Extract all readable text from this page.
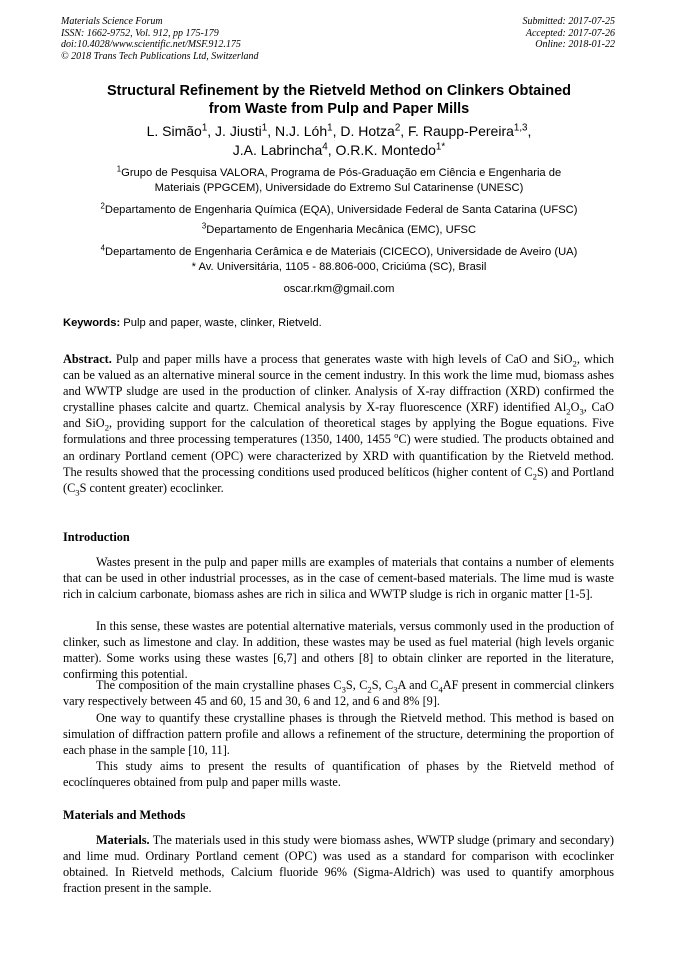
Materials Science Forum
ISSN: 1662-9752, Vol. 912, pp 175-179
doi:10.4028/www.scientific.net/MSF.912.175
© 2018 Trans Tech Publications Ltd, Switzerland
Submitted: 2017-07-25
Accepted: 2017-07-26
Online: 2018-01-22
Structural Refinement by the Rietveld Method on Clinkers Obtained
from Waste from Pulp and Paper Mills
L. Simão$^1$, J. Jiusti$^1$, N.J. Lóh$^1$, D. Hotza$^2$, F. Raupp-Pereira$^{1,3}$,
J.A. Labrincha$^4$, O.R.K. Montedo$^{1*}$
$^1$Grupo de Pesquisa VALORA, Programa de Pós-Graduação em Ciência e Engenharia de
Materiais (PPGCEM), Universidade do Extremo Sul Catarinense (UNESC)
$^2$Departamento de Engenharia Química (EQA), Universidade Federal de Santa Catarina (UFSC)
$^3$Departamento de Engenharia Mecânica (EMC), UFSC
$^4$Departamento de Engenharia Cerâmica e de Materiais (CICECO), Universidade de Aveiro (UA)
* Av. Universitária, 1105 - 88.806-000, Criciúma (SC), Brasil
oscar.rkm@gmail.com
Keywords: Pulp and paper, waste, clinker, Rietveld.

Abstract. Pulp and paper mills have a process that generates waste with high levels of CaO and SiO$_2$, which can be valued as an alternative mineral source in the cement industry. In this work the lime mud, biomass ashes and WWTP sludge are used in the production of clinker. Analysis of X-ray diffraction (XRD) confirmed the crystalline phases calcite and quartz. Chemical analysis by X-ray fluorescence (XRF) identified $Al_2O_3$, CaO and SiO$_2$, providing support for the calculation of theoretical stages by applying the Bogue equations. Five formulations and three processing temperatures (1350, 1400, 1455 $^o$C) were studied. The products obtained and an ordinary Portland cement (OPC) were characterized by XRD with quantification by the Rietveld method. The results showed that the processing conditions used produced belíticos (higher content of $C_2S$) and Portland ($C_3S$ content greater) ecoclinker.

Introduction

Wastes present in the pulp and paper mills are examples of materials that contains a number of elements that can be used in other industrial processes, as in the case of cement-based materials. The lime mud is waste rich in calcium carbonate, biomass ashes are rich in silica and WWTP sludge is rich in organic matter [1-5].

In this sense, these wastes are potential alternative materials, versus commonly used in the production of clinker, such as limestone and clay. In addition, these wastes may be used as fuel material (high levels organic matter). Some works using these wastes [6,7] and others [8] to obtain clinker are reported in the literature, confirming this potential.

The composition of the main crystalline phases $C_3S$, $C_2S$, $C_3A$ and $C_4AF$ present in commercial clinkers vary respectively between 45 and 60, 15 and 30, 6 and 12, and 6 and 8% [9].

One way to quantify these crystalline phases is through the Rietveld method. This method is based on simulation of diffraction pattern profile and allows a refinement of the structure, determining the proportion of each phase in the sample [10, 11].

This study aims to present the results of quantification of phases by the Rietveld method of ecoclínqueres obtained from pulp and paper mills waste.

Materials and Methods

Materials. The materials used in this study were biomass ashes, WWTP sludge (primary and secondary) and lime mud. Ordinary Portland cement (OPC) was used as a standard for comparison with ecoclinker obtained. In Rietveld methods, Calcium fluoride 96% (Sigma-Aldrich) was used to quantify amorphous fraction present in the sample.
